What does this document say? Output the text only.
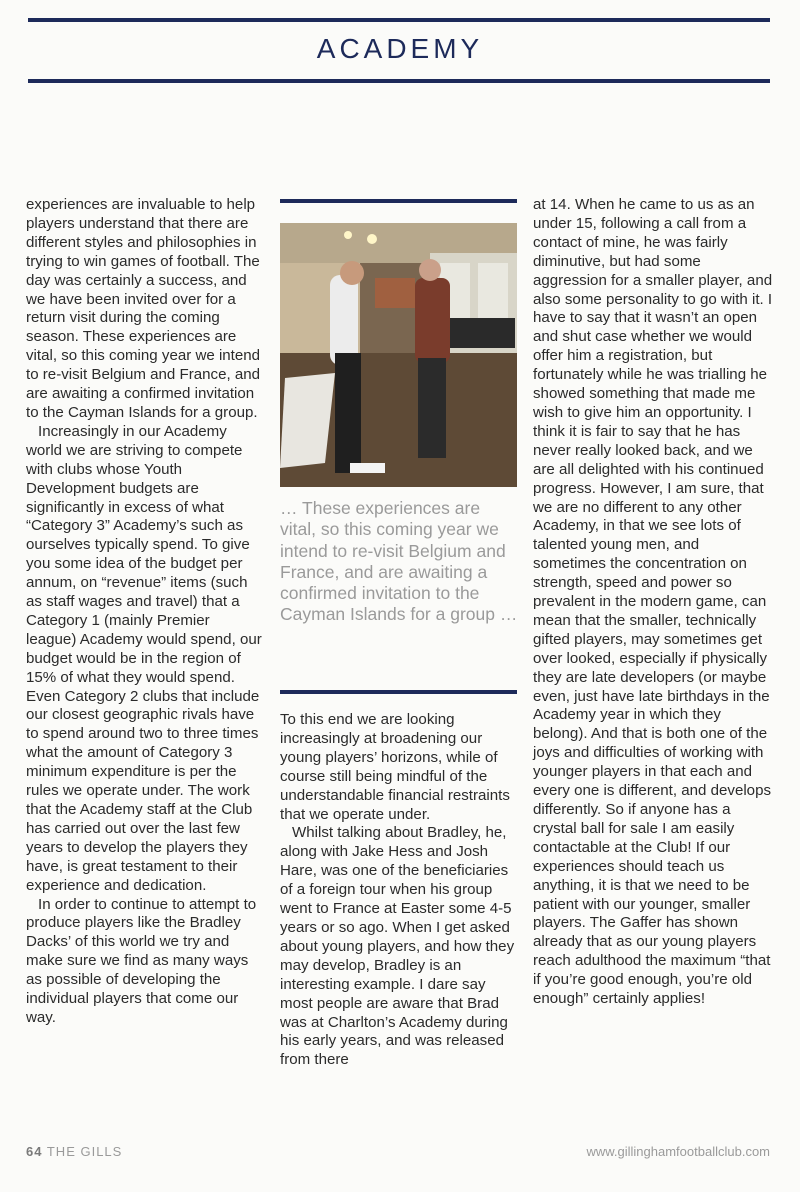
ACADEMY

experiences are invaluable to help players understand that there are different styles and philosophies in trying to win games of football. The day was certainly a success, and we have been invited over for a return visit during the coming season. These experiences are vital, so this coming year we intend to re-visit Belgium and France, and are awaiting a confirmed invitation to the Cayman Islands for a group.

Increasingly in our Academy world we are striving to compete with clubs whose Youth Development budgets are significantly in excess of what “Category 3” Academy’s such as ourselves typically spend. To give you some idea of the budget per annum, on “revenue” items (such as staff wages and travel) that a Category 1 (mainly Premier league) Academy would spend, our budget would be in the region of 15% of what they would spend. Even Category 2 clubs that include our closest geographic rivals have to spend around two to three times what the amount of Category 3 minimum expenditure is per the rules we operate under. The work that the Academy staff at the Club has carried out over the last few years to develop the players they have, is great testament to their experience and dedication.

In order to continue to attempt to produce players like the Bradley Dacks’ of this world we try and make sure we find as many ways as possible of developing the individual players that come our way.

… These experiences are vital, so this coming year we intend to re-visit Belgium and France, and are awaiting a confirmed invitation to the Cayman Islands for a group …

To this end we are looking increasingly at broadening our young players’ horizons, while of course still being mindful of the understandable financial restraints that we operate under.

Whilst talking about Bradley, he, along with Jake Hess and Josh Hare, was one of the beneficiaries of a foreign tour when his group went to France at Easter some 4-5 years or so ago. When I get asked about young players, and how they may develop, Bradley is an interesting example. I dare say most people are aware that Brad was at Charlton’s Academy during his early years, and was released from there

at 14. When he came to us as an under 15, following a call from a contact of mine, he was fairly diminutive, but had some aggression for a smaller player, and also some personality to go with it. I have to say that it wasn’t an open and shut case whether we would offer him a registration, but fortunately while he was trialling he showed something that made me wish to give him an opportunity. I think it is fair to say that he has never really looked back, and we are all delighted with his continued progress. However, I am sure, that we are no different to any other Academy, in that we see lots of talented young men, and sometimes the concentration on strength, speed and power so prevalent in the modern game, can mean that the smaller, technically gifted players, may sometimes get over looked, especially if physically they are late developers (or maybe even, just have late birthdays in the Academy year in which they belong). And that is both one of the joys and difficulties of working with younger players in that each and every one is different, and develops differently. So if anyone has a crystal ball for sale I am easily contactable at the Club! If our experiences should teach us anything, it is that we need to be patient with our younger, smaller players. The Gaffer has shown already that as our young players reach adulthood the maximum “that if you’re good enough, you’re old enough” certainly applies!

64 THE GILLS	www.gillinghamfootballclub.com
